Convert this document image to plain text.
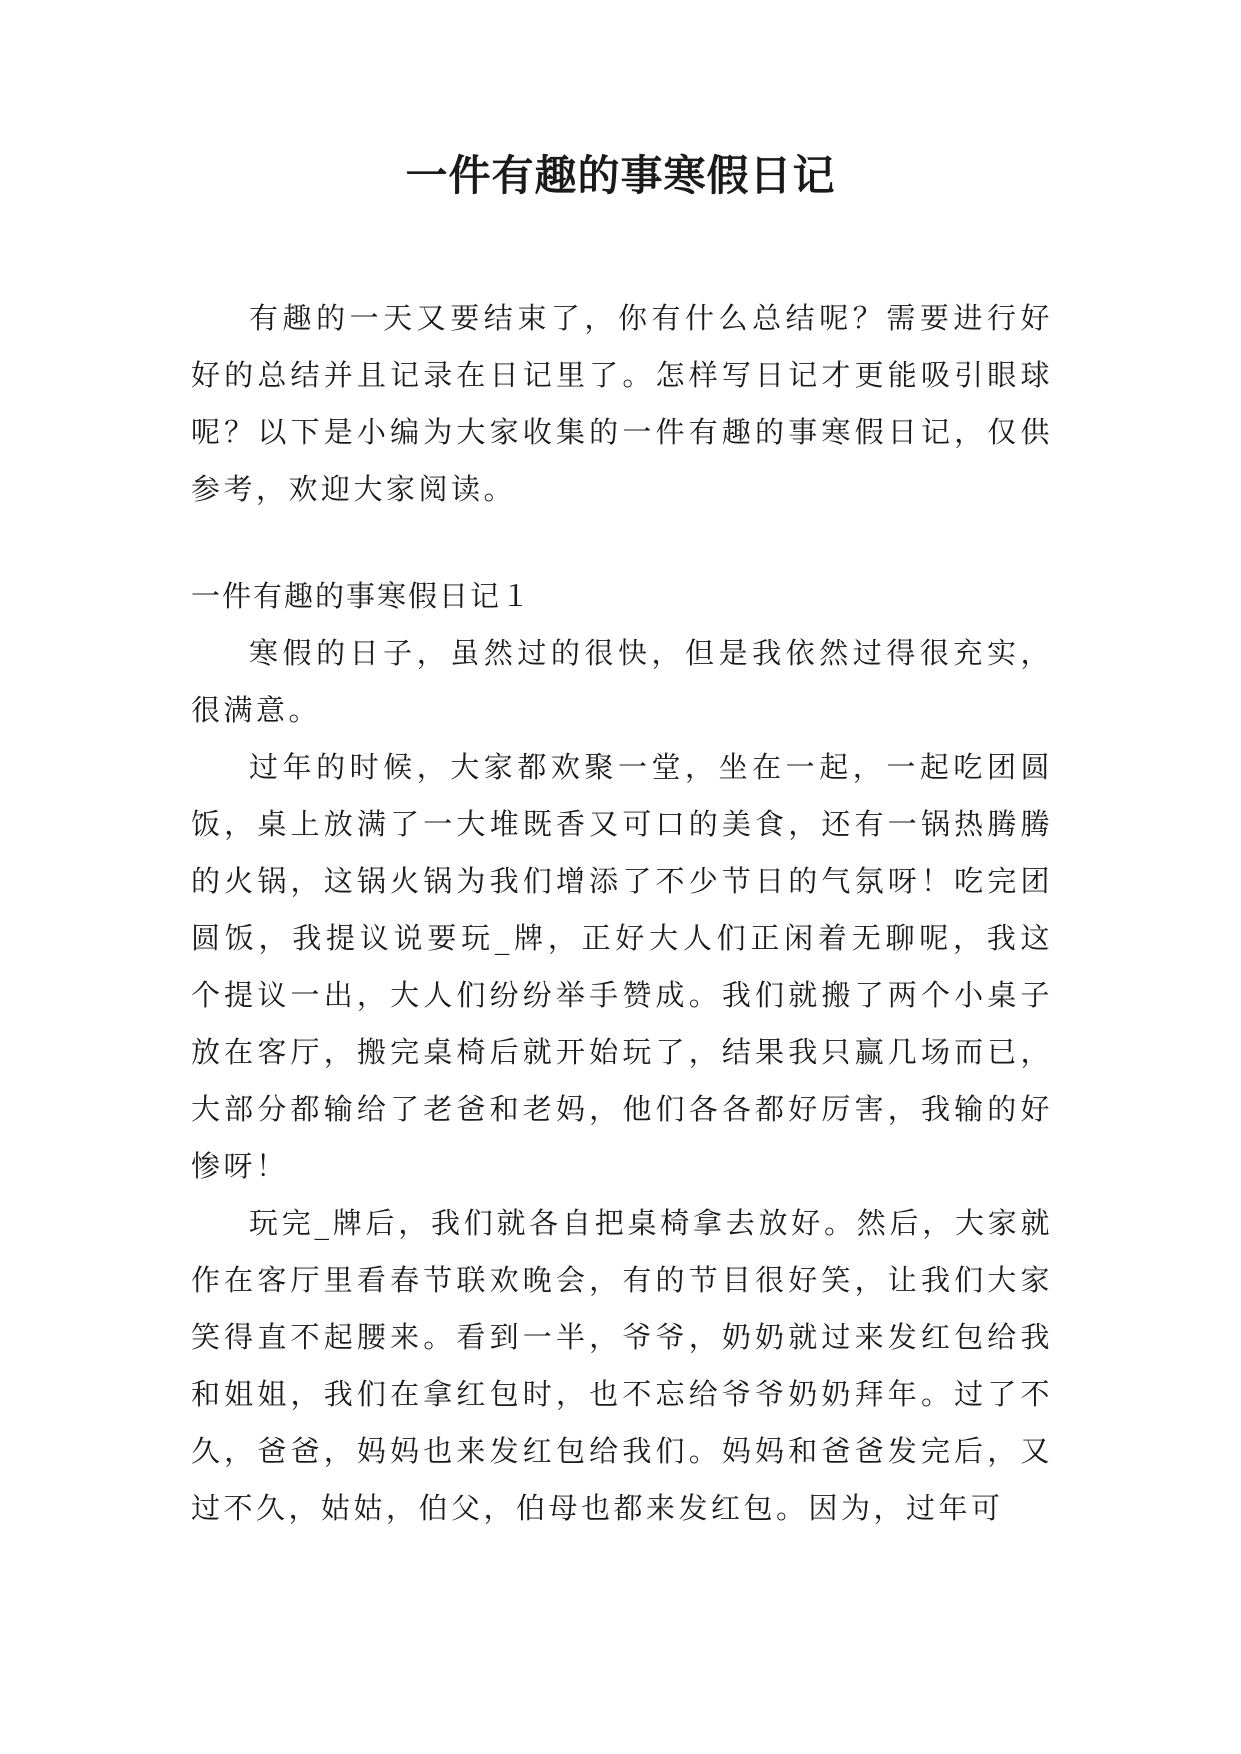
一件有趣的事寒假日记

有趣的一天又要结束了，你有什么总结呢？需要进行好好的总结并且记录在日记里了。怎样写日记才更能吸引眼球呢？以下是小编为大家收集的一件有趣的事寒假日记，仅供参考，欢迎大家阅读。

一件有趣的事寒假日记１

寒假的日子，虽然过的很快，但是我依然过得很充实，很满意。

过年的时候，大家都欢聚一堂，坐在一起，一起吃团圆饭，桌上放满了一大堆既香又可口的美食，还有一锅热腾腾的火锅，这锅火锅为我们增添了不少节日的气氛呀！吃完团圆饭，我提议说要玩_牌，正好大人们正闲着无聊呢，我这个提议一出，大人们纷纷举手赞成。我们就搬了两个小桌子放在客厅，搬完桌椅后就开始玩了，结果我只赢几场而已，大部分都输给了老爸和老妈，他们各各都好厉害，我输的好惨呀！

玩完_牌后，我们就各自把桌椅拿去放好。然后，大家就作在客厅里看春节联欢晚会，有的节目很好笑，让我们大家笑得直不起腰来。看到一半，爷爷，奶奶就过来发红包给我和姐姐，我们在拿红包时，也不忘给爷爷奶奶拜年。过了不久，爸爸，妈妈也来发红包给我们。妈妈和爸爸发完后，又过不久，姑姑，伯父，伯母也都来发红包。因为，过年可
